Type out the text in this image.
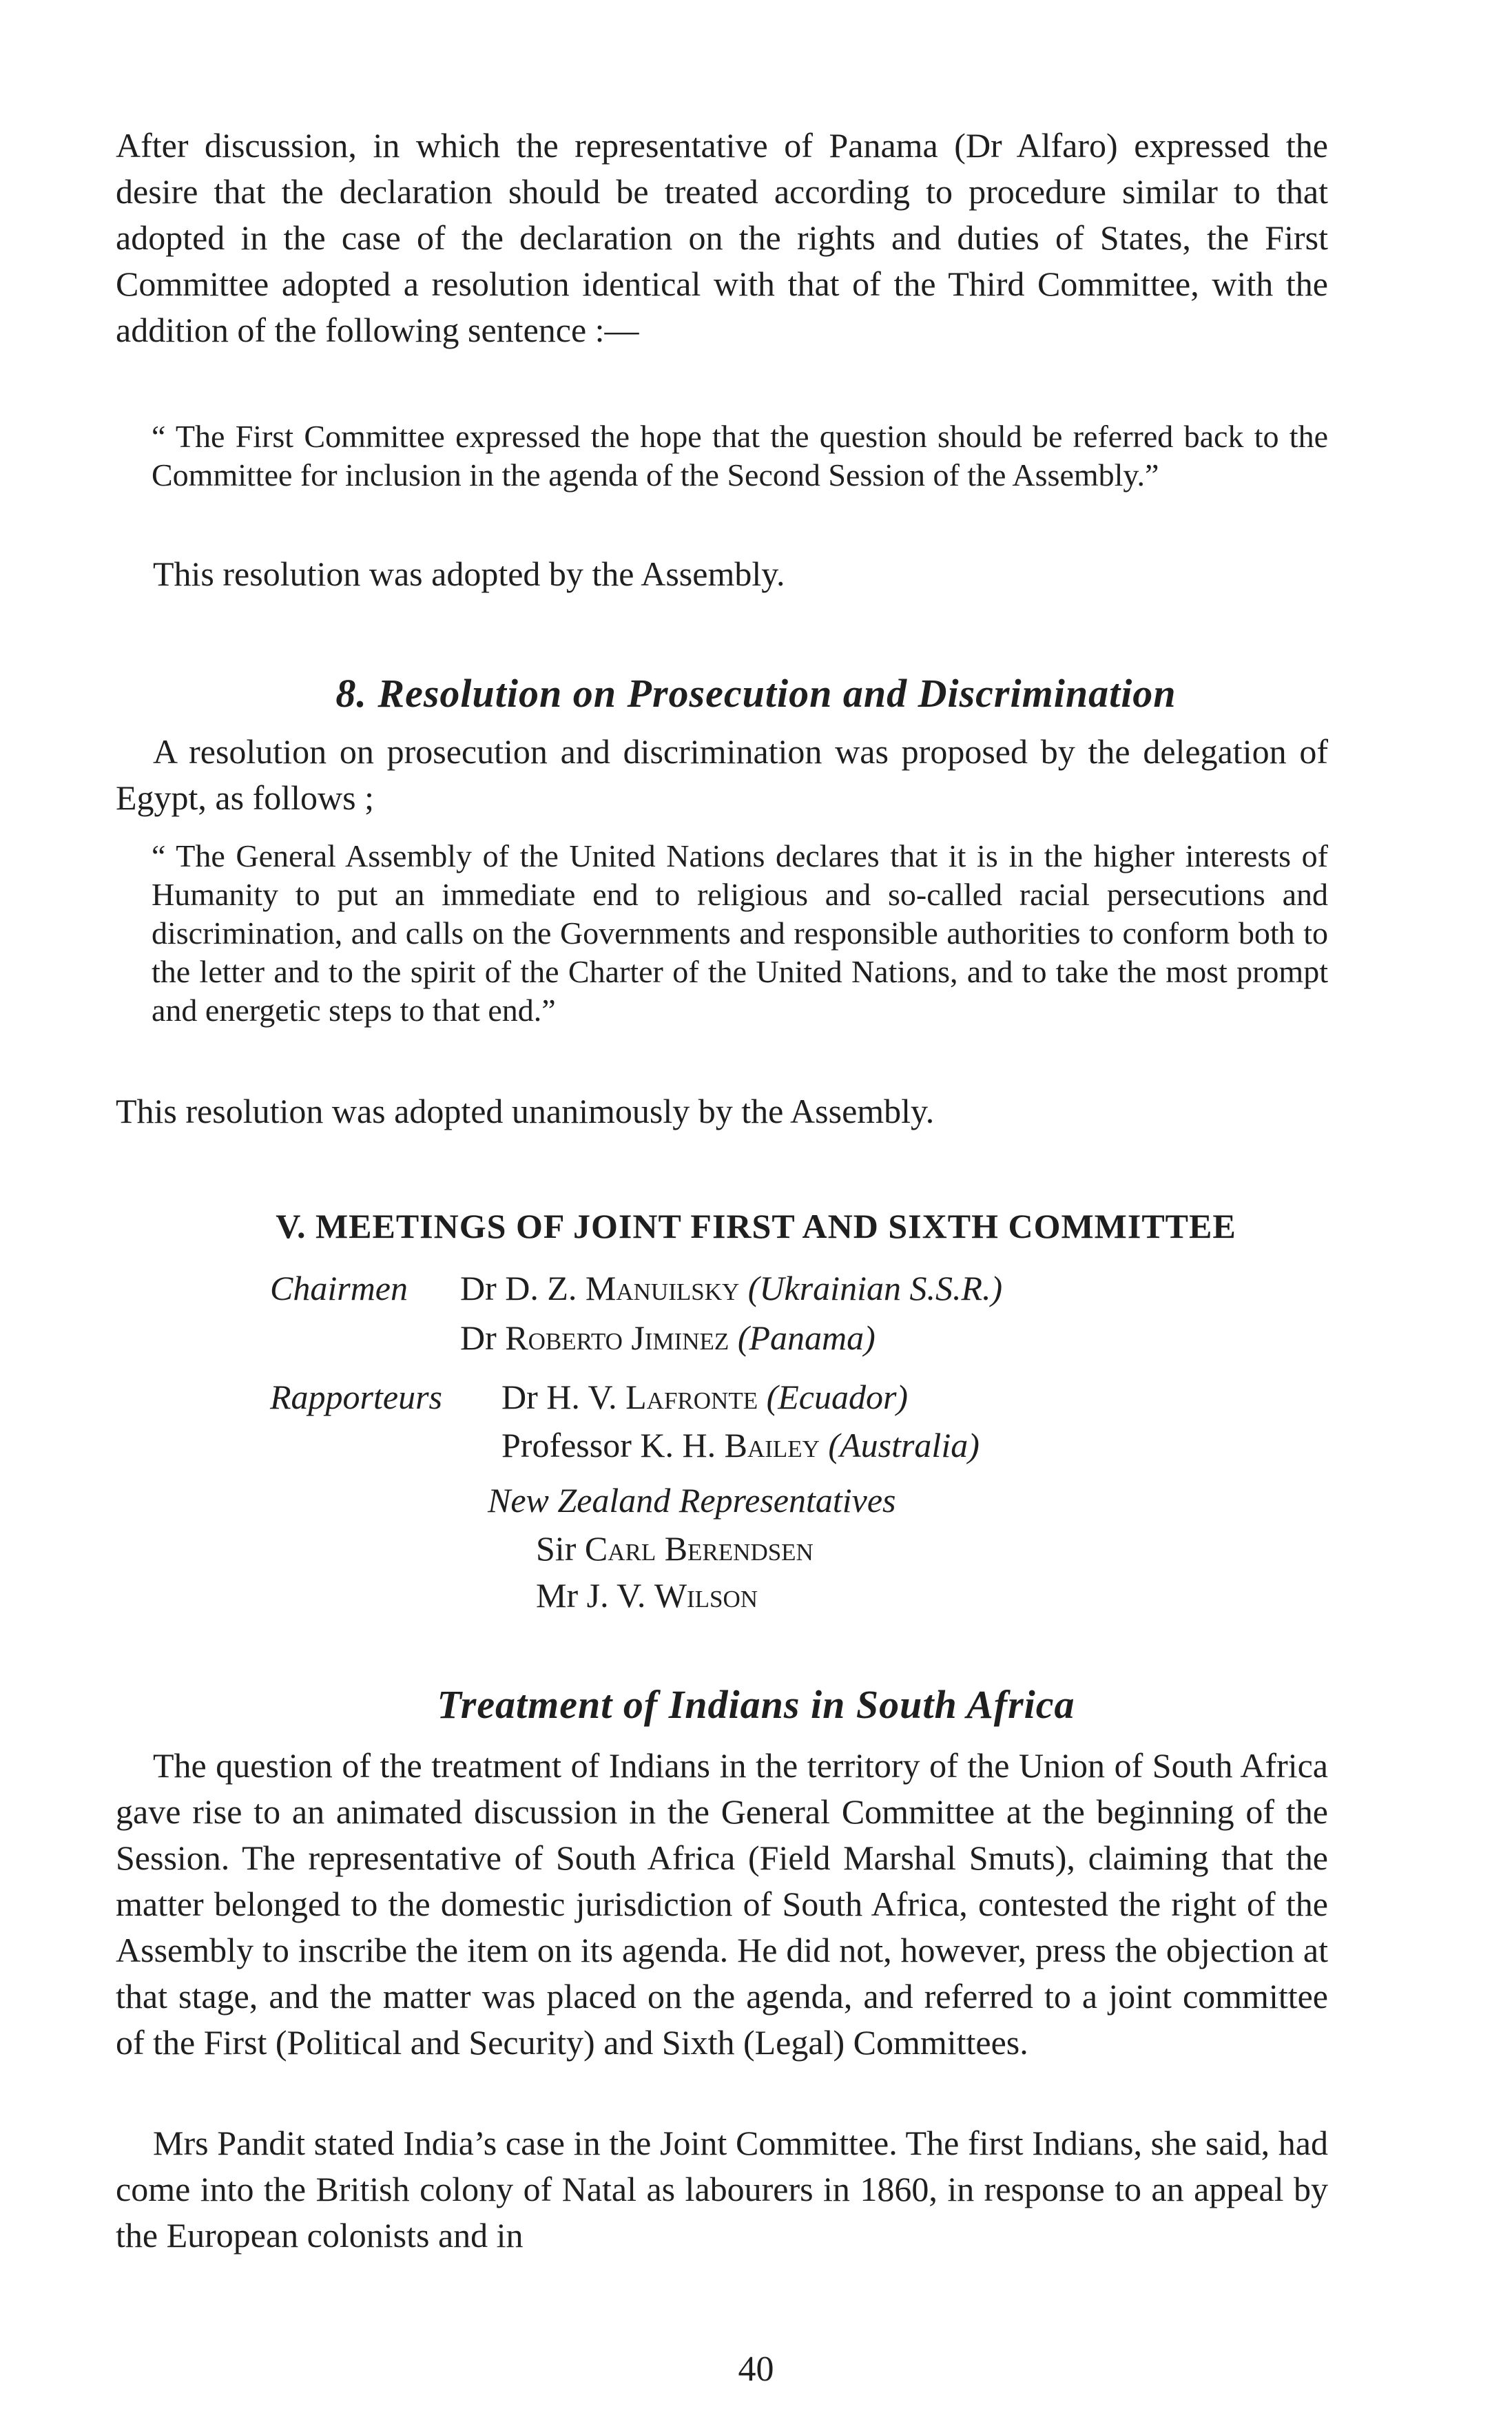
After discussion, in which the representative of Panama (Dr Alfaro) expressed the desire that the declaration should be treated according to procedure similar to that adopted in the case of the declaration on the rights and duties of States, the First Committee adopted a resolution identical with that of the Third Committee, with the addition of the following sentence :—

“ The First Committee expressed the hope that the question should be referred back to the Committee for inclusion in the agenda of the Second Session of the Assembly.”

This resolution was adopted by the Assembly.

8. Resolution on Prosecution and Discrimination

A resolution on prosecution and discrimination was proposed by the delegation of Egypt, as follows ;

“ The General Assembly of the United Nations declares that it is in the higher interests of Humanity to put an immediate end to religious and so-called racial persecutions and discrimination, and calls on the Governments and responsible authorities to conform both to the letter and to the spirit of the Charter of the United Nations, and to take the most prompt and energetic steps to that end.”

This resolution was adopted unanimously by the Assembly.

V. MEETINGS OF JOINT FIRST AND SIXTH COMMITTEE

Chairmen Dr D. Z. Manuilsky (Ukrainian S.S.R.)

Dr Roberto Jiminez (Panama)

Rapporteurs Dr H. V. Lafronte (Ecuador)

Professor K. H. Bailey (Australia)

New Zealand Representatives

Sir Carl Berendsen

Mr J. V. Wilson

Treatment of Indians in South Africa

The question of the treatment of Indians in the territory of the Union of South Africa gave rise to an animated discussion in the General Committee at the beginning of the Session. The representative of South Africa (Field Marshal Smuts), claiming that the matter belonged to the domestic jurisdiction of South Africa, contested the right of the Assembly to inscribe the item on its agenda. He did not, however, press the objection at that stage, and the matter was placed on the agenda, and referred to a joint committee of the First (Political and Security) and Sixth (Legal) Committees.

Mrs Pandit stated India’s case in the Joint Committee. The first Indians, she said, had come into the British colony of Natal as labourers in 1860, in response to an appeal by the European colonists and in

40
